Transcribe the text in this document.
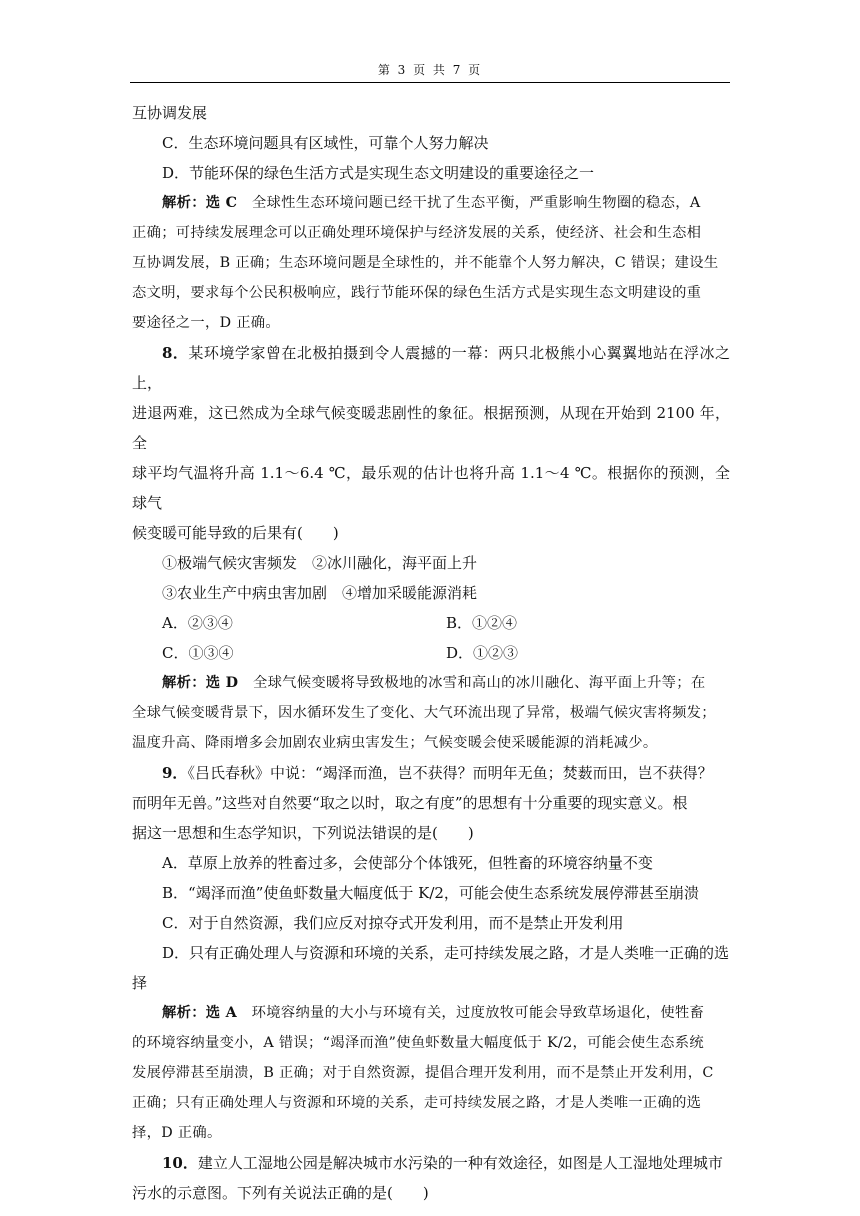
第 3 页 共 7 页

互协调发展

C．生态环境问题具有区域性，可靠个人努力解决

D．节能环保的绿色生活方式是实现生态文明建设的重要途径之一

解析：选 C　全球性生态环境问题已经干扰了生态平衡，严重影响生物圈的稳态，A

正确；可持续发展理念可以正确处理环境保护与经济发展的关系，使经济、社会和生态相

互协调发展，B 正确；生态环境问题是全球性的，并不能靠个人努力解决，C 错误；建设生

态文明，要求每个公民积极响应，践行节能环保的绿色生活方式是实现生态文明建设的重

要途径之一，D 正确。

8．某环境学家曾在北极拍摄到令人震撼的一幕：两只北极熊小心翼翼地站在浮冰之上，

进退两难，这已然成为全球气候变暖悲剧性的象征。根据预测，从现在开始到 2100 年，全

球平均气温将升高 1.1～6.4 ℃，最乐观的估计也将升高 1.1～4 ℃。根据你的预测，全球气

候变暖可能导致的后果有(　　)

①极端气候灾害频发　②冰川融化，海平面上升

③农业生产中病虫害加剧　④增加采暖能源消耗

A．②③④	B．①②④
C．①③④	D．①②③

解析：选 D　全球气候变暖将导致极地的冰雪和高山的冰川融化、海平面上升等；在

全球气候变暖背景下，因水循环发生了变化、大气环流出现了异常，极端气候灾害将频发；

温度升高、降雨增多会加剧农业病虫害发生；气候变暖会使采暖能源的消耗减少。

9．《吕氏春秋》中说：“竭泽而渔，岂不获得？而明年无鱼；焚薮而田，岂不获得？

而明年无兽。”这些对自然要“取之以时，取之有度”的思想有十分重要的现实意义。根

据这一思想和生态学知识，下列说法错误的是(　　)

A．草原上放养的牲畜过多，会使部分个体饿死，但牲畜的环境容纳量不变

B．“竭泽而渔”使鱼虾数量大幅度低于 K/2，可能会使生态系统发展停滞甚至崩溃

C．对于自然资源，我们应反对掠夺式开发利用，而不是禁止开发利用

D．只有正确处理人与资源和环境的关系，走可持续发展之路，才是人类唯一正确的选

择

解析：选 A　环境容纳量的大小与环境有关，过度放牧可能会导致草场退化，使牲畜

的环境容纳量变小，A 错误；“竭泽而渔”使鱼虾数量大幅度低于 K/2，可能会使生态系统

发展停滞甚至崩溃，B 正确；对于自然资源，提倡合理开发利用，而不是禁止开发利用，C

正确；只有正确处理人与资源和环境的关系，走可持续发展之路，才是人类唯一正确的选

择，D 正确。

10．建立人工湿地公园是解决城市水污染的一种有效途径，如图是人工湿地处理城市

污水的示意图。下列有关说法正确的是(　　)
